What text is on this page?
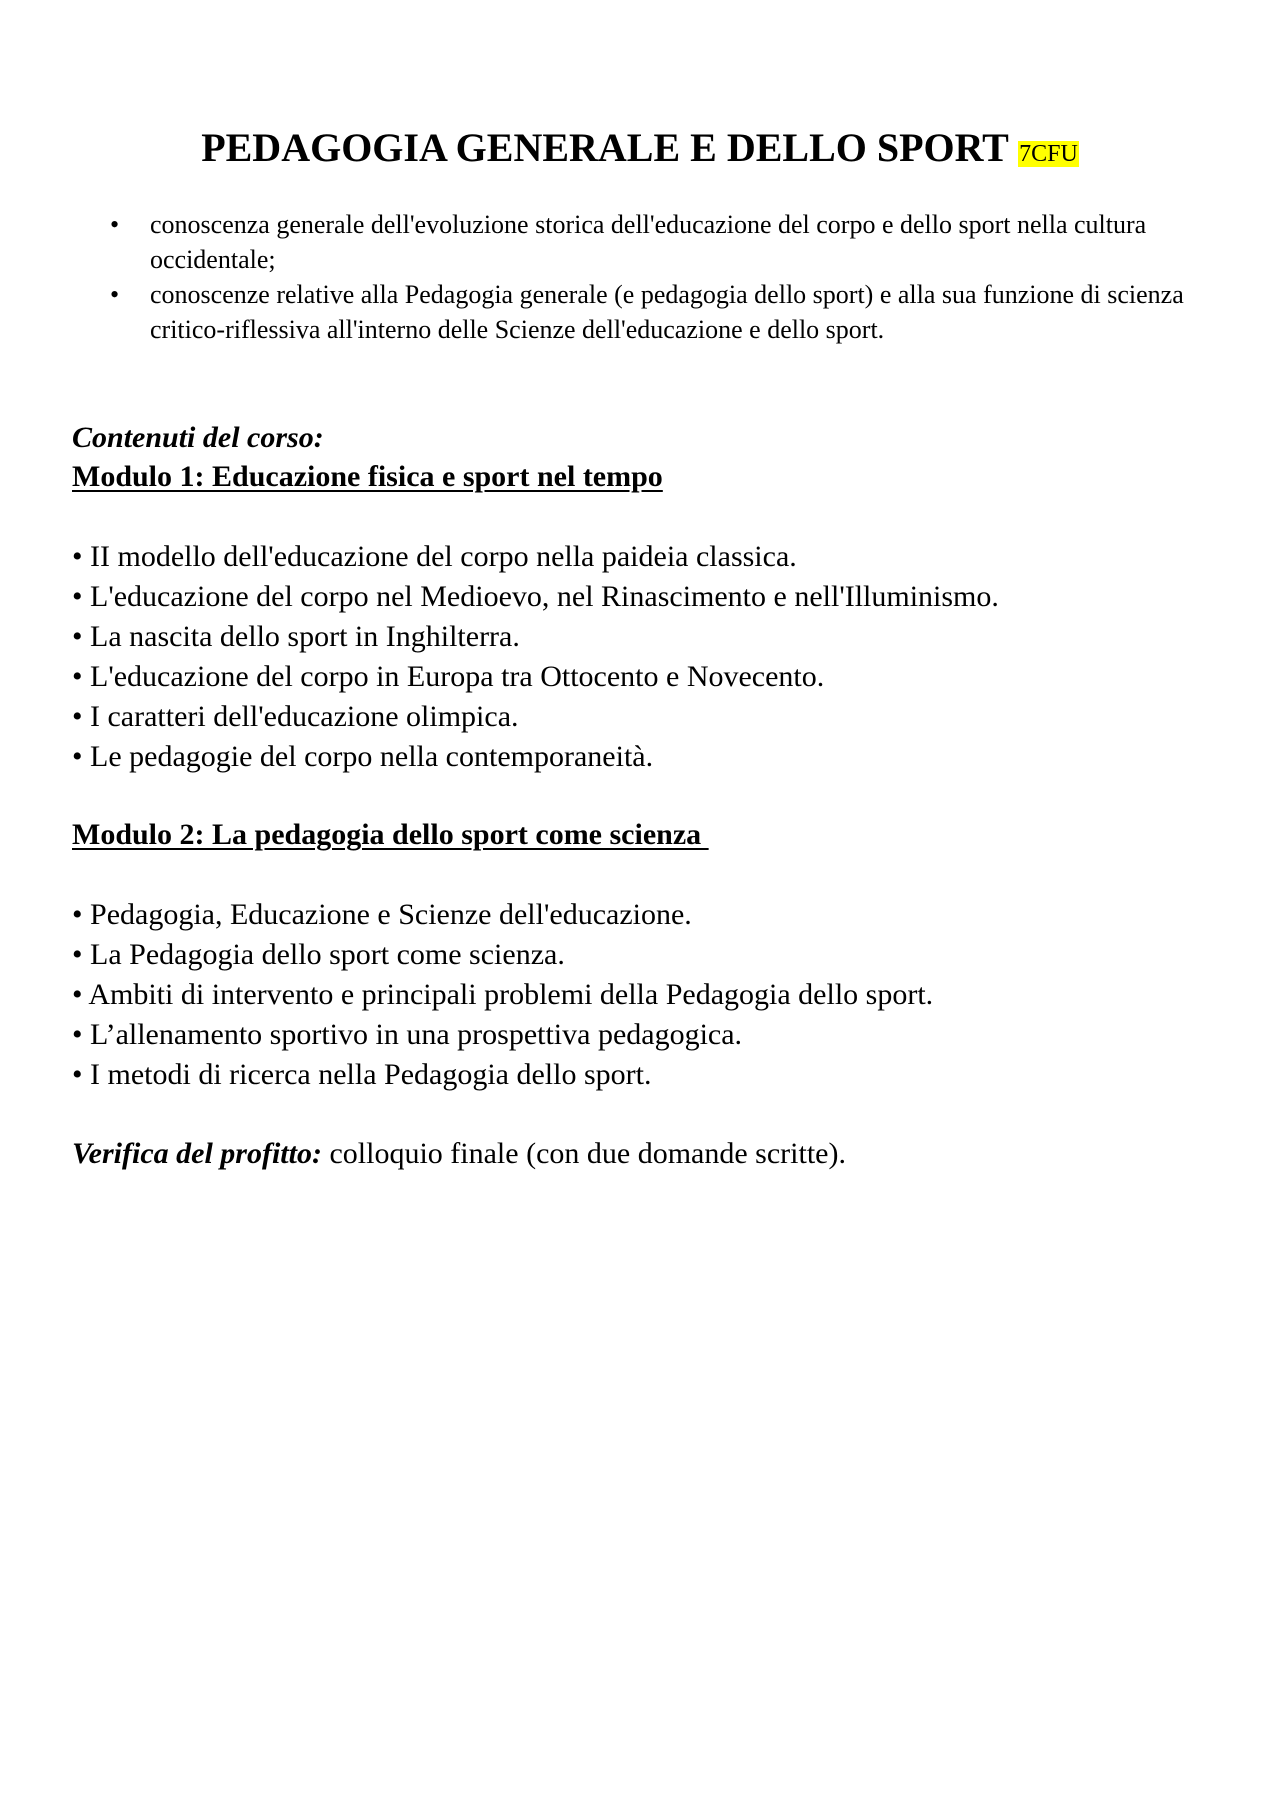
PEDAGOGIA GENERALE E DELLO SPORT 7CFU
• conoscenza generale dell'evoluzione storica dell'educazione del corpo e dello sport nella cultura occidentale;
• conoscenze relative alla Pedagogia generale (e pedagogia dello sport) e alla sua funzione di scienza critico-riflessiva all'interno delle Scienze dell'educazione e dello sport.

Contenuti del corso:

Modulo 1: Educazione fisica e sport nel tempo

• II modello dell'educazione del corpo nella paideia classica.
• L'educazione del corpo nel Medioevo, nel Rinascimento e nell'Illuminismo.
• La nascita dello sport in Inghilterra.
• L'educazione del corpo in Europa tra Ottocento e Novecento.
• I caratteri dell'educazione olimpica.
• Le pedagogie del corpo nella contemporaneità.

Modulo 2: La pedagogia dello sport come scienza

• Pedagogia, Educazione e Scienze dell'educazione.
• La Pedagogia dello sport come scienza.
• Ambiti di intervento e principali problemi della Pedagogia dello sport.
• L’allenamento sportivo in una prospettiva pedagogica.
• I metodi di ricerca nella Pedagogia dello sport.

Verifica del profitto: colloquio finale (con due domande scritte).
